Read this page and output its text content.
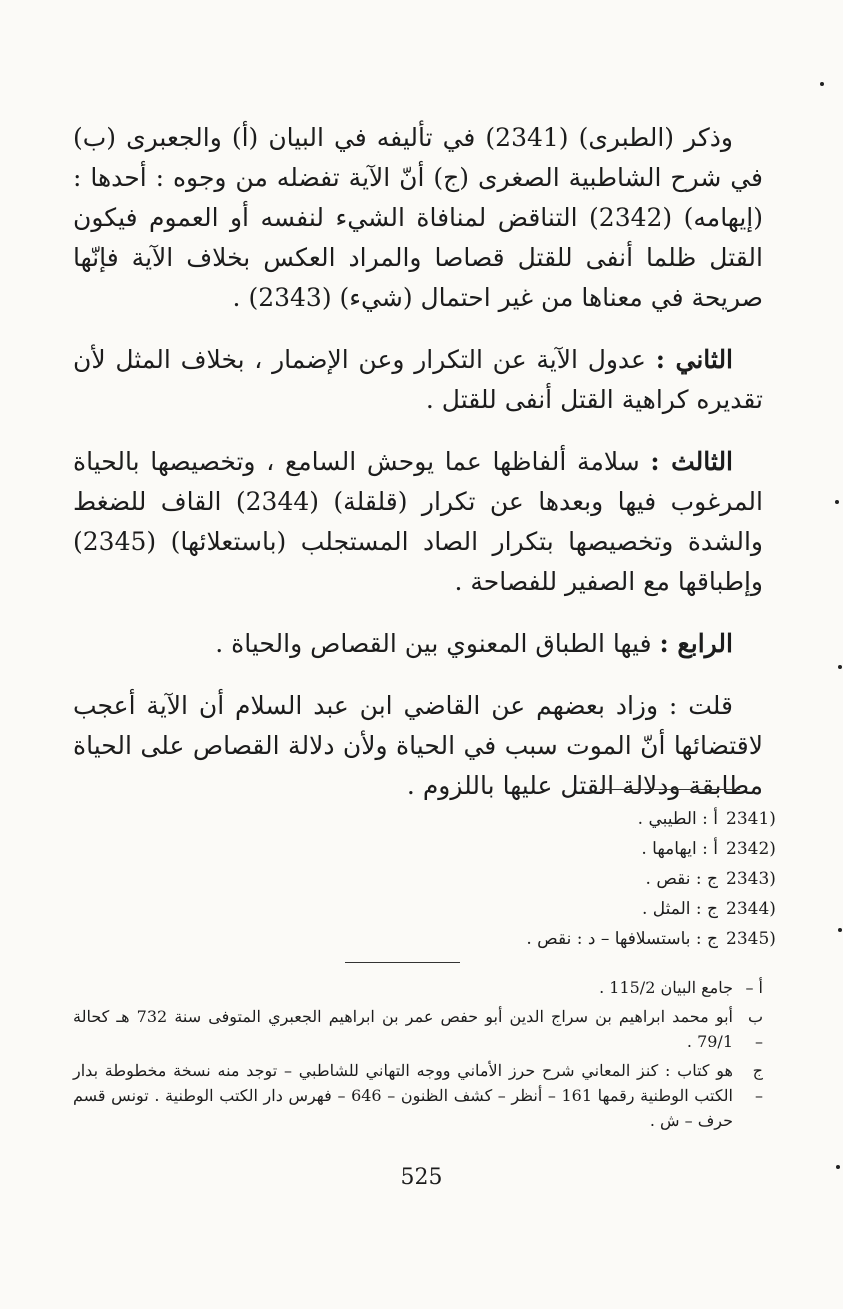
وذكر (الطبرى) (2341) في تأليفه في البيان (أ) والجعبرى (ب) في شرح الشاطبية الصغرى (ج) أنّ الآية تفضله من وجوه : أحدها : (إيهامه) (2342) التناقض لمنافاة الشيء لنفسه أو العموم فيكون القتل ظلما أنفى للقتل قصاصا والمراد العكس بخلاف الآية فإنّها صريحة في معناها من غير احتمال (شيء) (2343) .

الثاني : عدول الآية عن التكرار وعن الإضمار ، بخلاف المثل لأن تقديره كراهية القتل أنفى للقتل .

الثالث : سلامة ألفاظها عما يوحش السامع ، وتخصيصها بالحياة المرغوب فيها وبعدها عن تكرار (قلقلة) (2344) القاف للضغط والشدة وتخصيصها بتكرار الصاد المستجلب (باستعلائها) (2345) وإطباقها مع الصفير للفصاحة .

الرابع : فيها الطباق المعنوي بين القصاص والحياة .

قلت : وزاد بعضهم عن القاضي ابن عبد السلام أن الآية أعجب لاقتضائها أنّ الموت سبب في الحياة ولأن دلالة القصاص على الحياة مطابقة ودلالة القتل عليها باللزوم .

2341)
أ : الطيبي .
2342)
أ : ايهامها .
2343)
ج : نقص .
2344)
ج : المثل .
2345)
ج : باستسلافها – د : نقص .
أ –
جامع البيان 115/2 .
ب –
أبو محمد ابراهيم بن سراج الدين أبو حفص عمر بن ابراهيم الجعبري المتوفى سنة 732 هـ كحالة 79/1 .
ج –
هو كتاب : كنز المعاني شرح حرز الأماني ووجه التهاني للشاطبي – توجد منه نسخة مخطوطة بدار الكتب الوطنية رقمها 161 – أنظر – كشف الظنون – 646 – فهرس دار الكتب الوطنية . تونس قسم حرف – ش .
525
